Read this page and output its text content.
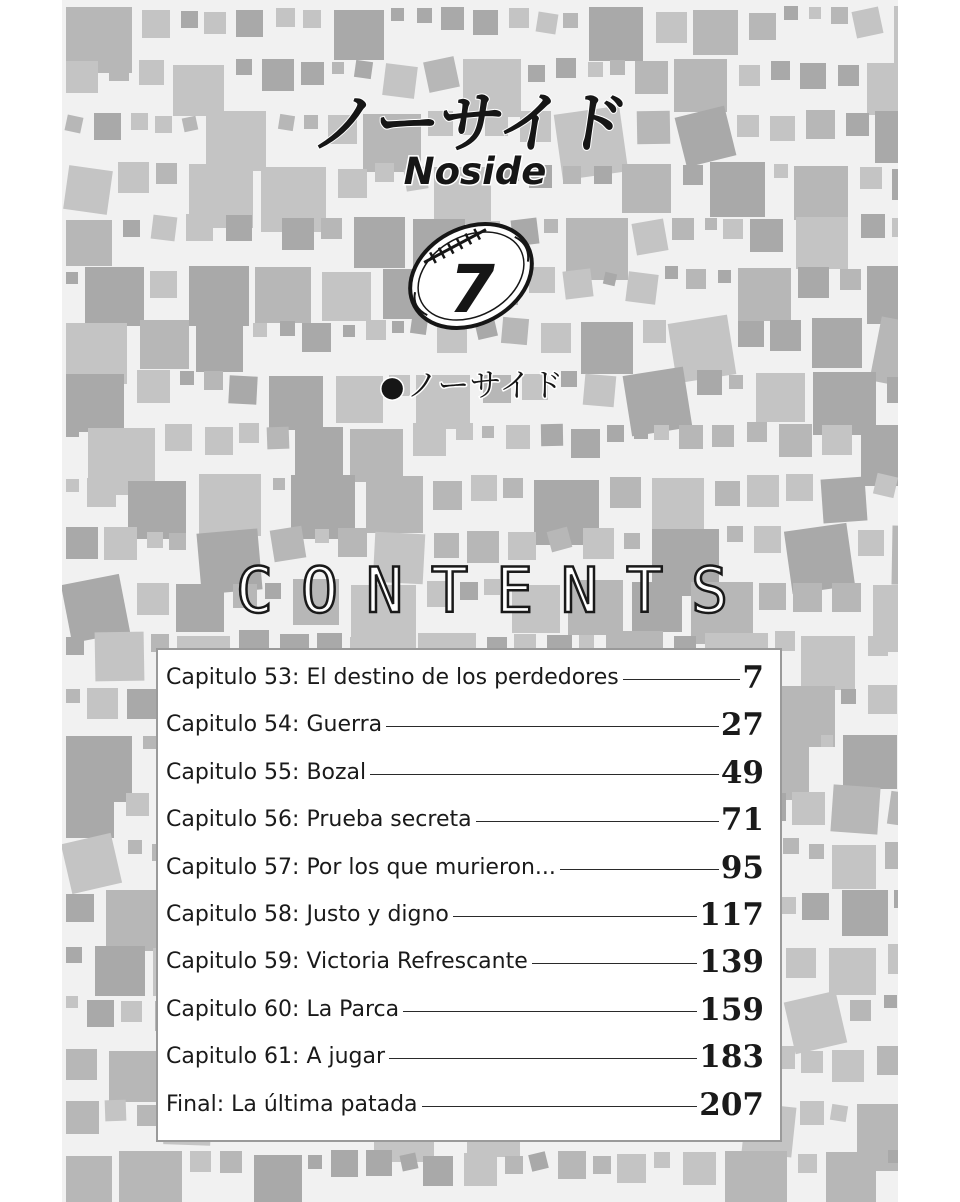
ノーサイド
Noside
7
●ノーサイド
C O N T E N T S
Capitulo 53: El destino de los perdedores	7
Capitulo 54: Guerra	27
Capitulo 55: Bozal	49
Capitulo 56: Prueba secreta	71
Capitulo 57: Por los que murieron...	95
Capitulo 58: Justo y digno	117
Capitulo 59: Victoria Refrescante	139
Capitulo 60: La Parca	159
Capitulo 61: A jugar	183
Final: La última patada	207
